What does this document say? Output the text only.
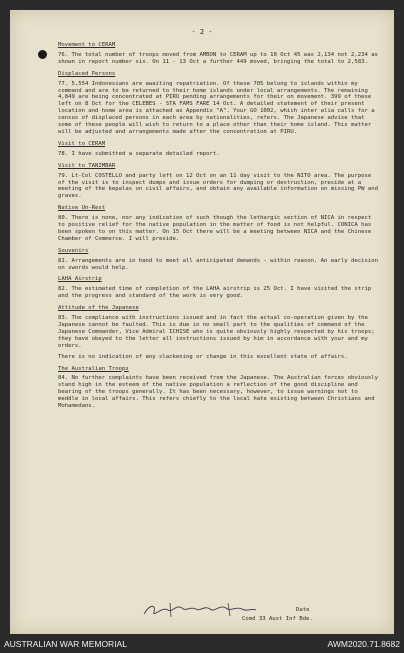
- 2 -
Movement to CERAM

76. The total number of troops moved from AMBON to CERAM up to 10 Oct 45 was 2,134 not 2,234 as shown in report number six. On 11 - 13 Oct a further 449 moved, bringing the total to 2,583.

Displaced Persons

77. 5,554 Indonesians are awaiting repatriation. Of these 705 belong to islands within my command and are to be returned to their home islands under local arrangements. The remaining 4,849 are being concentrated at PIRU pending arrangements for their on movement. 399 of these left on 8 Oct for the CELEBES - STA FAMS FARE 14 Oct. A detailed statement of their present location and home area is attached as Appendix "A". Your GO 1002, which inter alia calls for a census of displaced persons in each area by nationalities, refers. The Japanese advise that some of these people will wish to return to a place other than their home island. This matter will be adjusted and arrangements made after the concentration at PIRU.

Visit to CERAM

78. I have submitted a separate detailed report.

Visit to TANIMBAR

79. Lt-Col COSTELLO and party left on 12 Oct on an 11 day visit to the NITO area. The purpose of the visit is to inspect dumps and issue orders for dumping or destruction, preside at a meeting of the kepalas on civil affairs, and obtain any available information on missing PW and graves.

Native Un-Rest

80. There is none, nor any indication of such though the lethargic section of NICA in respect to positive relief for the native population in the matter of food is not helpful. CONICA has been spoken to on this matter. On 15 Oct there will be a meeting between NICA and the Chinese Chamber of Commerce. I will preside.

Souvenirs

81. Arrangements are in hand to meet all anticipated demands - within reason. An early decision on swords would help.

LAHA Airstrip

82. The estimated time of completion of the LAHA airstrip is 25 Oct. I have visited the strip and the progress and standard of the work is very good.

Attitude of the Japanese

83. The compliance with instructions issued and in fact the actual co-operation given by the Japanese cannot be faulted. This is due in no small part to the qualities of command of the Japanese Commander, Vice Admiral ICHISE who is quite obviously highly respected by his troops; they have obeyed to the letter all instructions issued by him in accordance with your and my orders.

There is no indication of any slackening or change in this excellent state of affairs.

The Australian Troops

84. No further complaints have been received from the Japanese. The Australian forces obviously stand high in the esteem of the native population a reflection of the good discipline and bearing of the troops generally. It has been necessary, however, to issue warnings not to meddle in local affairs. This refers chiefly to the local hate existing between Christians and Mohamedans.

Date
Comd 33 Aust Inf Bde.
AUSTRALIAN WAR MEMORIAL	AWM2020.71.8682
